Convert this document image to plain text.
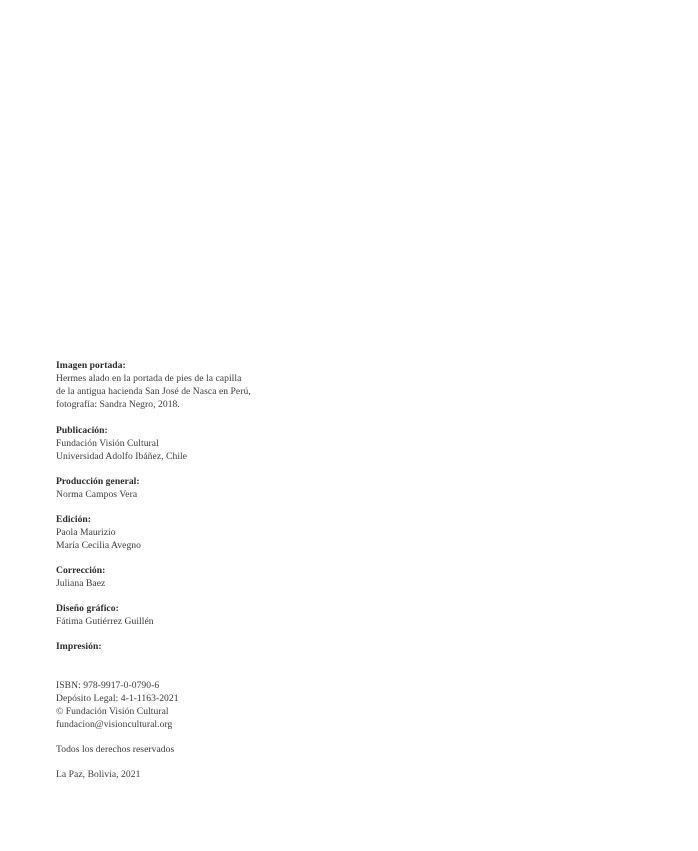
Imagen portada:
Hermes alado en la portada de pies de la capilla
de la antigua hacienda San José de Nasca en Perú,
fotografía: Sandra Negro, 2018.
Publicación:
Fundación Visión Cultural
Universidad Adolfo Ibáñez, Chile
Producción general:
Norma Campos Vera
Edición:
Paola Maurizio
María Cecilia Avegno
Corrección:
Juliana Baez
Diseño gráfico:
Fátima Gutiérrez Guillén
Impresión:
ISBN: 978-9917-0-0790-6
Depósito Legal: 4-1-1163-2021
© Fundación Visión Cultural
fundacion@visioncultural.org
Todos los derechos reservados
La Paz, Bolivia, 2021
